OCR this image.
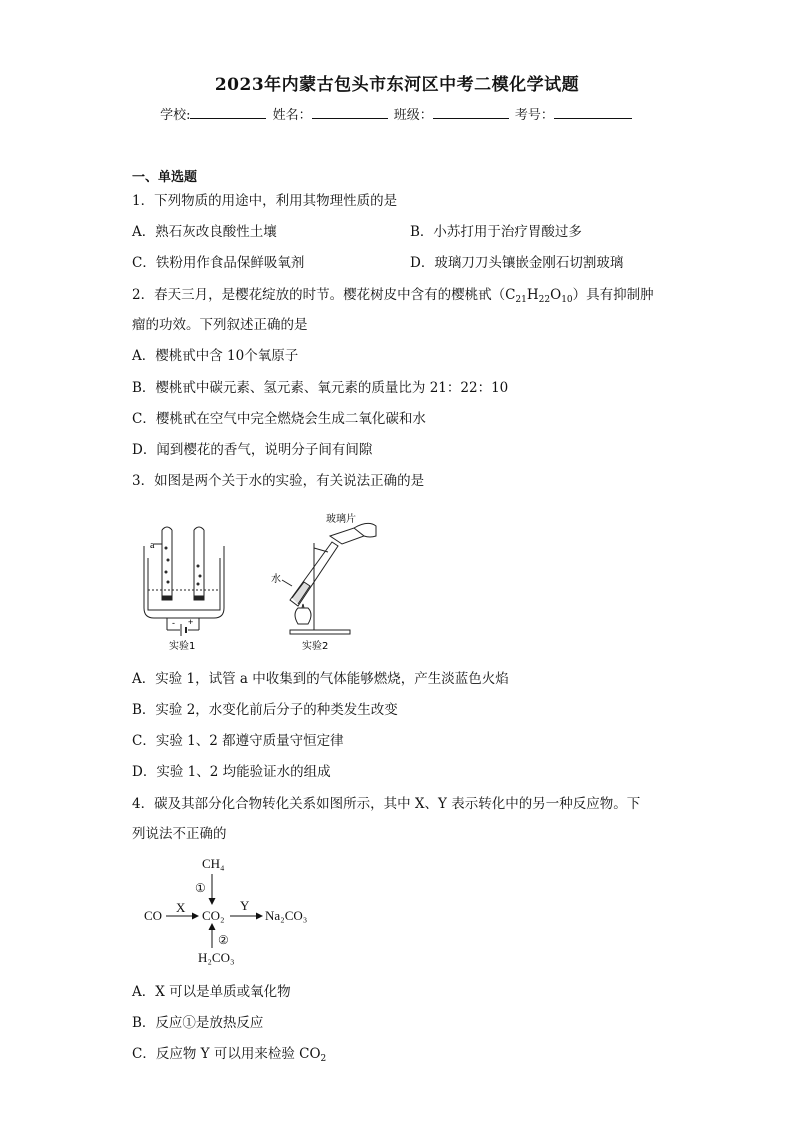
2023年内蒙古包头市东河区中考二模化学试题
学校:	姓名：	班级：	考号：
一、单选题
1．下列物质的用途中，利用其物理性质的是
A．熟石灰改良酸性土壤	B．小苏打用于治疗胃酸过多
C．铁粉用作食品保鲜吸氧剂	D．玻璃刀刀头镶嵌金刚石切割玻璃
2．春天三月，是樱花绽放的时节。樱花树皮中含有的樱桃甙$(C_{21}H_{22}O_{10})$具有抑制肿
瘤的功效。下列叙述正确的是
A．樱桃甙中含 10个氧原子
B．樱桃甙中碳元素、氢元素、氧元素的质量比为 21：22：10
C．樱桃甙在空气中完全燃烧会生成二氧化碳和水
D．闻到樱花的香气，说明分子间有间隙
3．如图是两个关于水的实验，有关说法正确的是
a
- +
实验1
玻璃片
水
实验2
A．实验 1，试管 a 中收集到的气体能够燃烧，产生淡蓝色火焰
B．实验 2，水变化前后分子的种类发生改变
C．实验 1、2 都遵守质量守恒定律
D．实验 1、2 均能验证水的组成
4．碳及其部分化合物转化关系如图所示，其中 X、Y 表示转化中的另一种反应物。下
列说法不正确的
CH₄
CO
X
CO₂
Y
Na₂CO₃
H₂CO₃
①
②
A．X 可以是单质或氧化物
B．反应①是放热反应
C．反应物 Y 可以用来检验 $CO_2$
